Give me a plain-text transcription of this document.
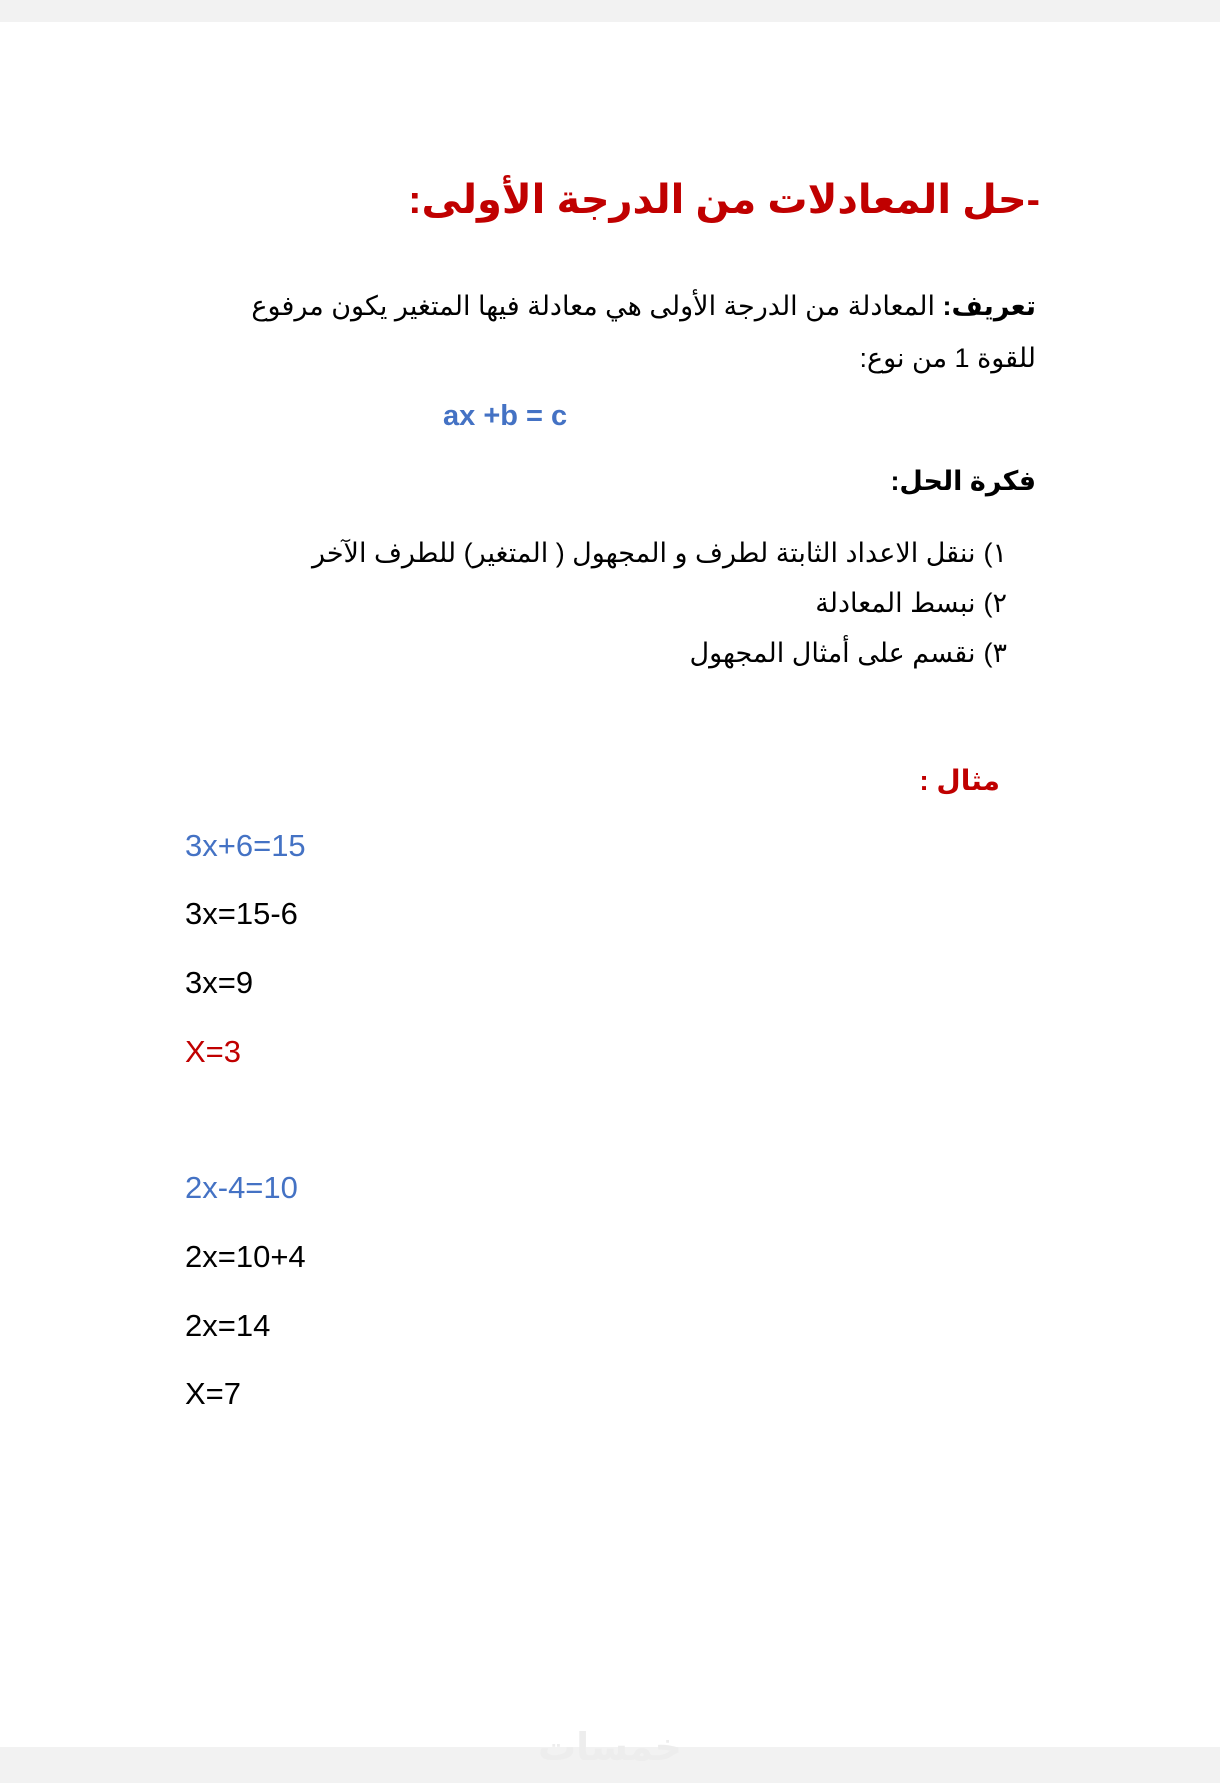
-حل المعادلات من الدرجة الأولى:

تعريف: المعادلة من الدرجة الأولى هي معادلة فيها المتغير يكون مرفوع للقوة 1 من نوع:

ax +b = c
فكرة الحل:
١)ننقل الاعداد الثابتة لطرف و المجهول ( المتغير) للطرف الآخر
٢)نبسط المعادلة
٣)نقسم على أمثال المجهول
مثال :
3x+6=15
3x=15-6
3x=9
X=3
2x-4=10
2x=10+4
2x=14
X=7
خمسات
